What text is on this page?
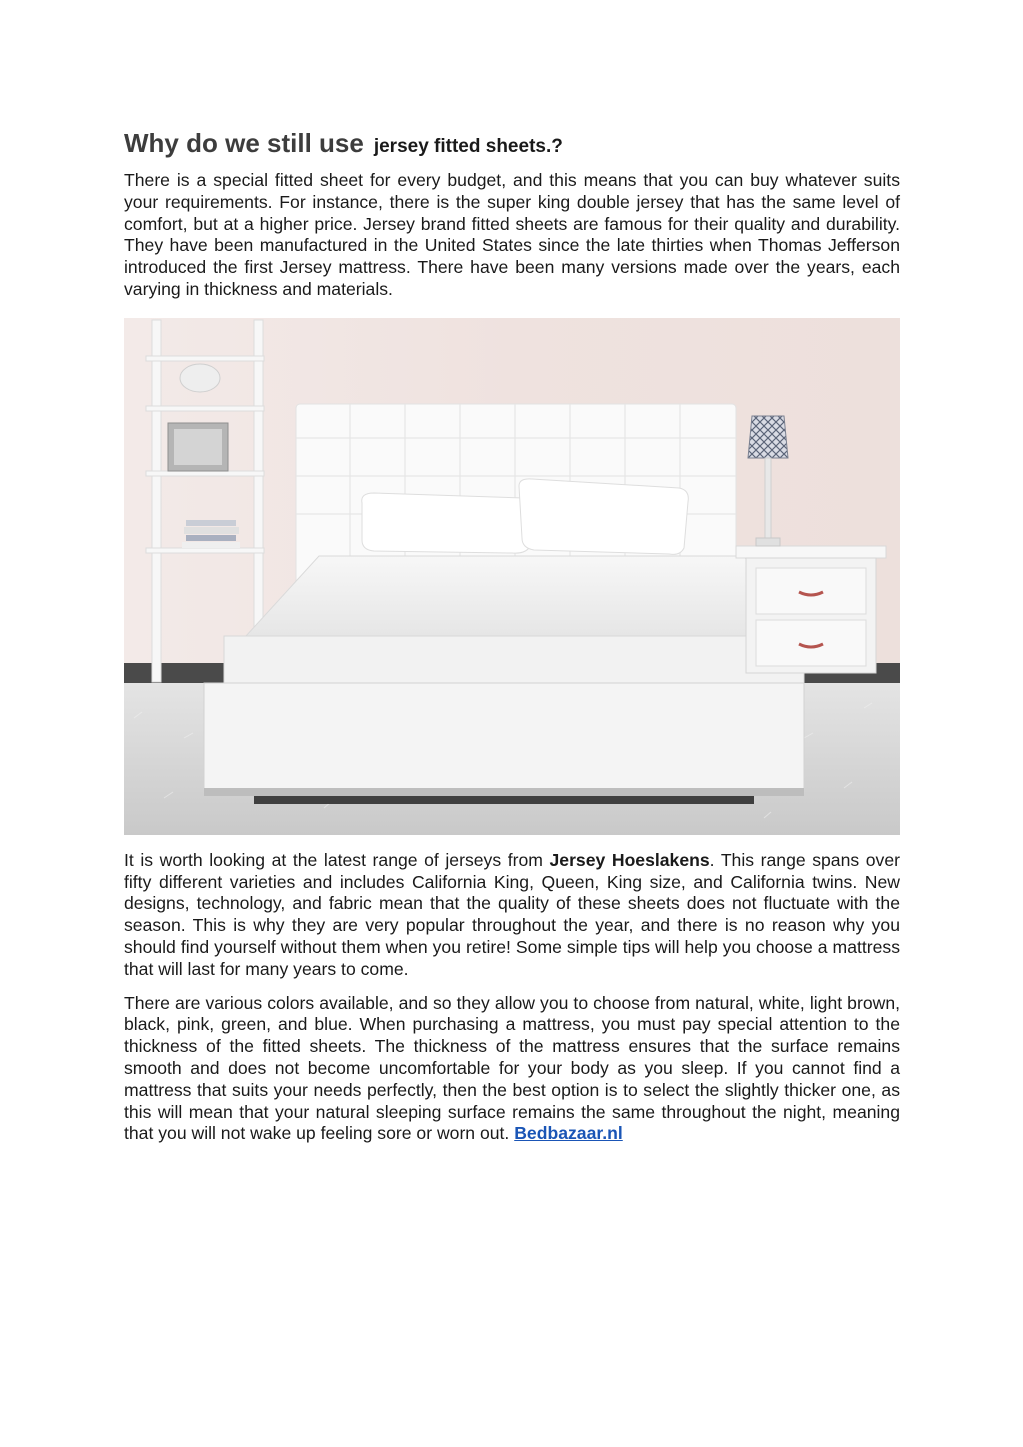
Why do we still use jersey fitted sheets.?

There is a special fitted sheet for every budget, and this means that you can buy whatever suits your requirements. For instance, there is the super king double jersey that has the same level of comfort, but at a higher price. Jersey brand fitted sheets are famous for their quality and durability. They have been manufactured in the United States since the late thirties when Thomas Jefferson introduced the first Jersey mattress. There have been many versions made over the years, each varying in thickness and materials.

It is worth looking at the latest range of jerseys from Jersey Hoeslakens. This range spans over fifty different varieties and includes California King, Queen, King size, and California twins. New designs, technology, and fabric mean that the quality of these sheets does not fluctuate with the season. This is why they are very popular throughout the year, and there is no reason why you should find yourself without them when you retire! Some simple tips will help you choose a mattress that will last for many years to come.

There are various colors available, and so they allow you to choose from natural, white, light brown, black, pink, green, and blue. When purchasing a mattress, you must pay special attention to the thickness of the fitted sheets. The thickness of the mattress ensures that the surface remains smooth and does not become uncomfortable for your body as you sleep. If you cannot find a mattress that suits your needs perfectly, then the best option is to select the slightly thicker one, as this will mean that your natural sleeping surface remains the same throughout the night, meaning that you will not wake up feeling sore or worn out. Bedbazaar.nl
